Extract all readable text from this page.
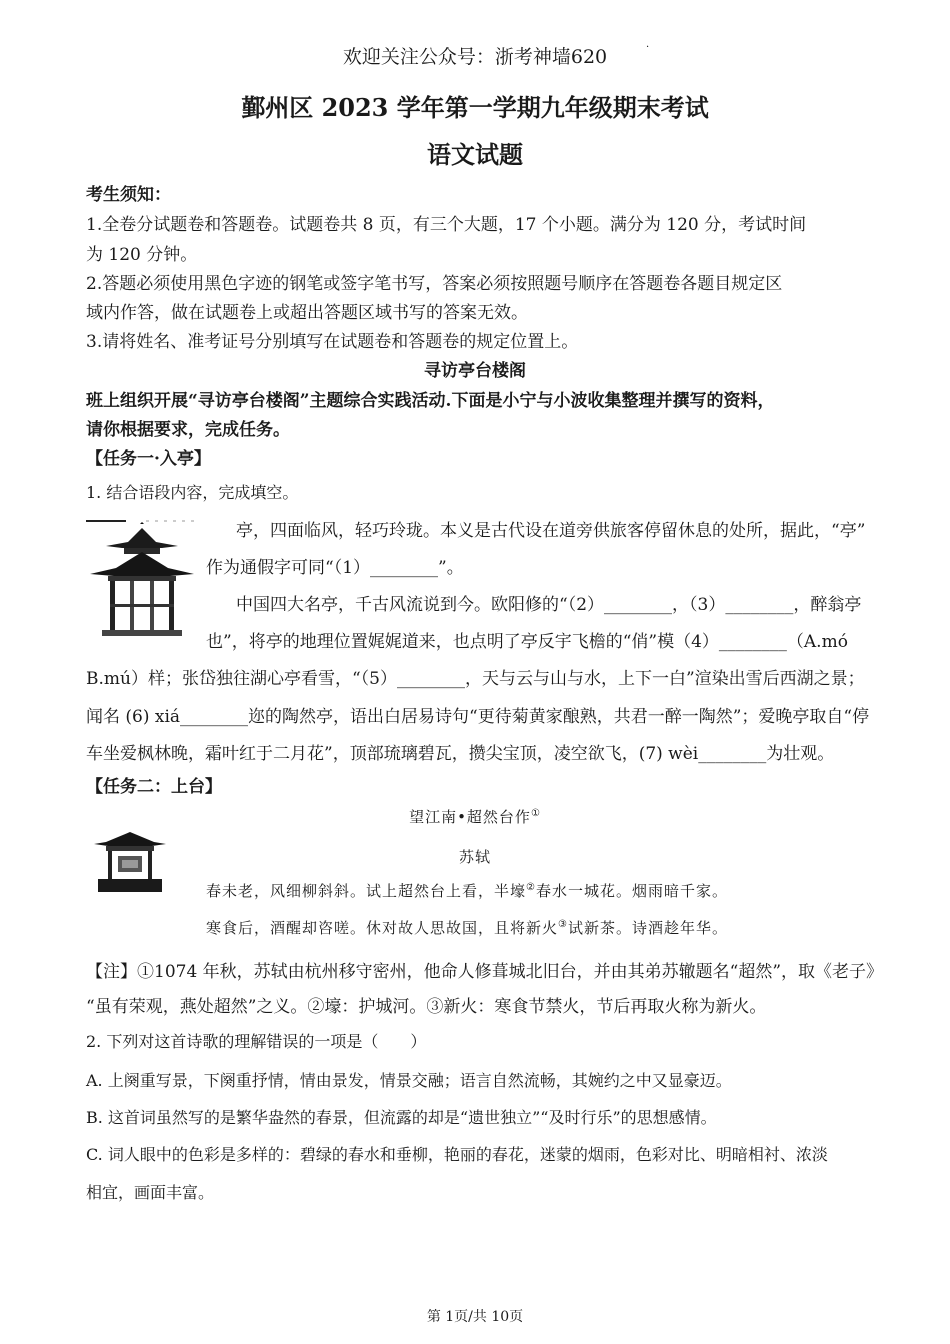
欢迎关注公众号：浙考神墙620	·
鄞州区 2023 学年第一学期九年级期末考试
语文试题
考生须知：
1.全卷分试题卷和答题卷。试题卷共 8 页，有三个大题，17 个小题。满分为 120 分，考试时间
为 120 分钟。
2.答题必须使用黑色字迹的钢笔或签字笔书写，答案必须按照题号顺序在答题卷各题目规定区
域内作答，做在试题卷上或超出答题区域书写的答案无效。
3.请将姓名、准考证号分别填写在试题卷和答题卷的规定位置上。
寻访亭台楼阁
班上组织开展“寻访亭台楼阁”主题综合实践活动.下面是小宁与小波收集整理并撰写的资料，
请你根据要求，完成任务。
【任务一·入亭】
1. 结合语段内容，完成填空。
亭，四面临风，轻巧玲珑。本义是古代设在道旁供旅客停留休息的处所，据此，“亭”
作为通假字可同“（1）________”。
中国四大名亭，千古风流说到今。欧阳修的“（2）________，（3）________，醉翁亭
也”，将亭的地理位置娓娓道来，也点明了亭反宇飞檐的“俏”模（4）________（A.mó
B.mú）样；张岱独往湖心亭看雪，“（5）________，天与云与山与水，上下一白”渲染出雪后西湖之景；
闻名 (6) xiá________迩的陶然亭，语出白居易诗句“更待菊黄家酿熟，共君一醉一陶然”；爱晚亭取自“停
车坐爱枫林晚，霜叶红于二月花”，顶部琉璃碧瓦，攒尖宝顶，凌空欲飞，(7) wèi________为壮观。
【任务二：上台】
望江南•超然台作①
苏轼
春未老，风细柳斜斜。试上超然台上看，半壕②春水一城花。烟雨暗千家。
寒食后，酒醒却咨嗟。休对故人思故国，且将新火③试新茶。诗酒趁年华。
【注】①1074 年秋，苏轼由杭州移守密州，他命人修葺城北旧台，并由其弟苏辙题名“超然”，取《老子》
“虽有荣观，燕处超然”之义。②壕：护城河。③新火：寒食节禁火，节后再取火称为新火。
2. 下列对这首诗歌的理解错误的一项是（　　）
A. 上阕重写景，下阕重抒情，情由景发，情景交融；语言自然流畅，其婉约之中又显豪迈。
B. 这首词虽然写的是繁华盎然的春景，但流露的却是“遗世独立”“及时行乐”的思想感情。
C. 词人眼中的色彩是多样的：碧绿的春水和垂柳，艳丽的春花，迷蒙的烟雨，色彩对比、明暗相衬、浓淡
相宜，画面丰富。
第 1页/共 10页
